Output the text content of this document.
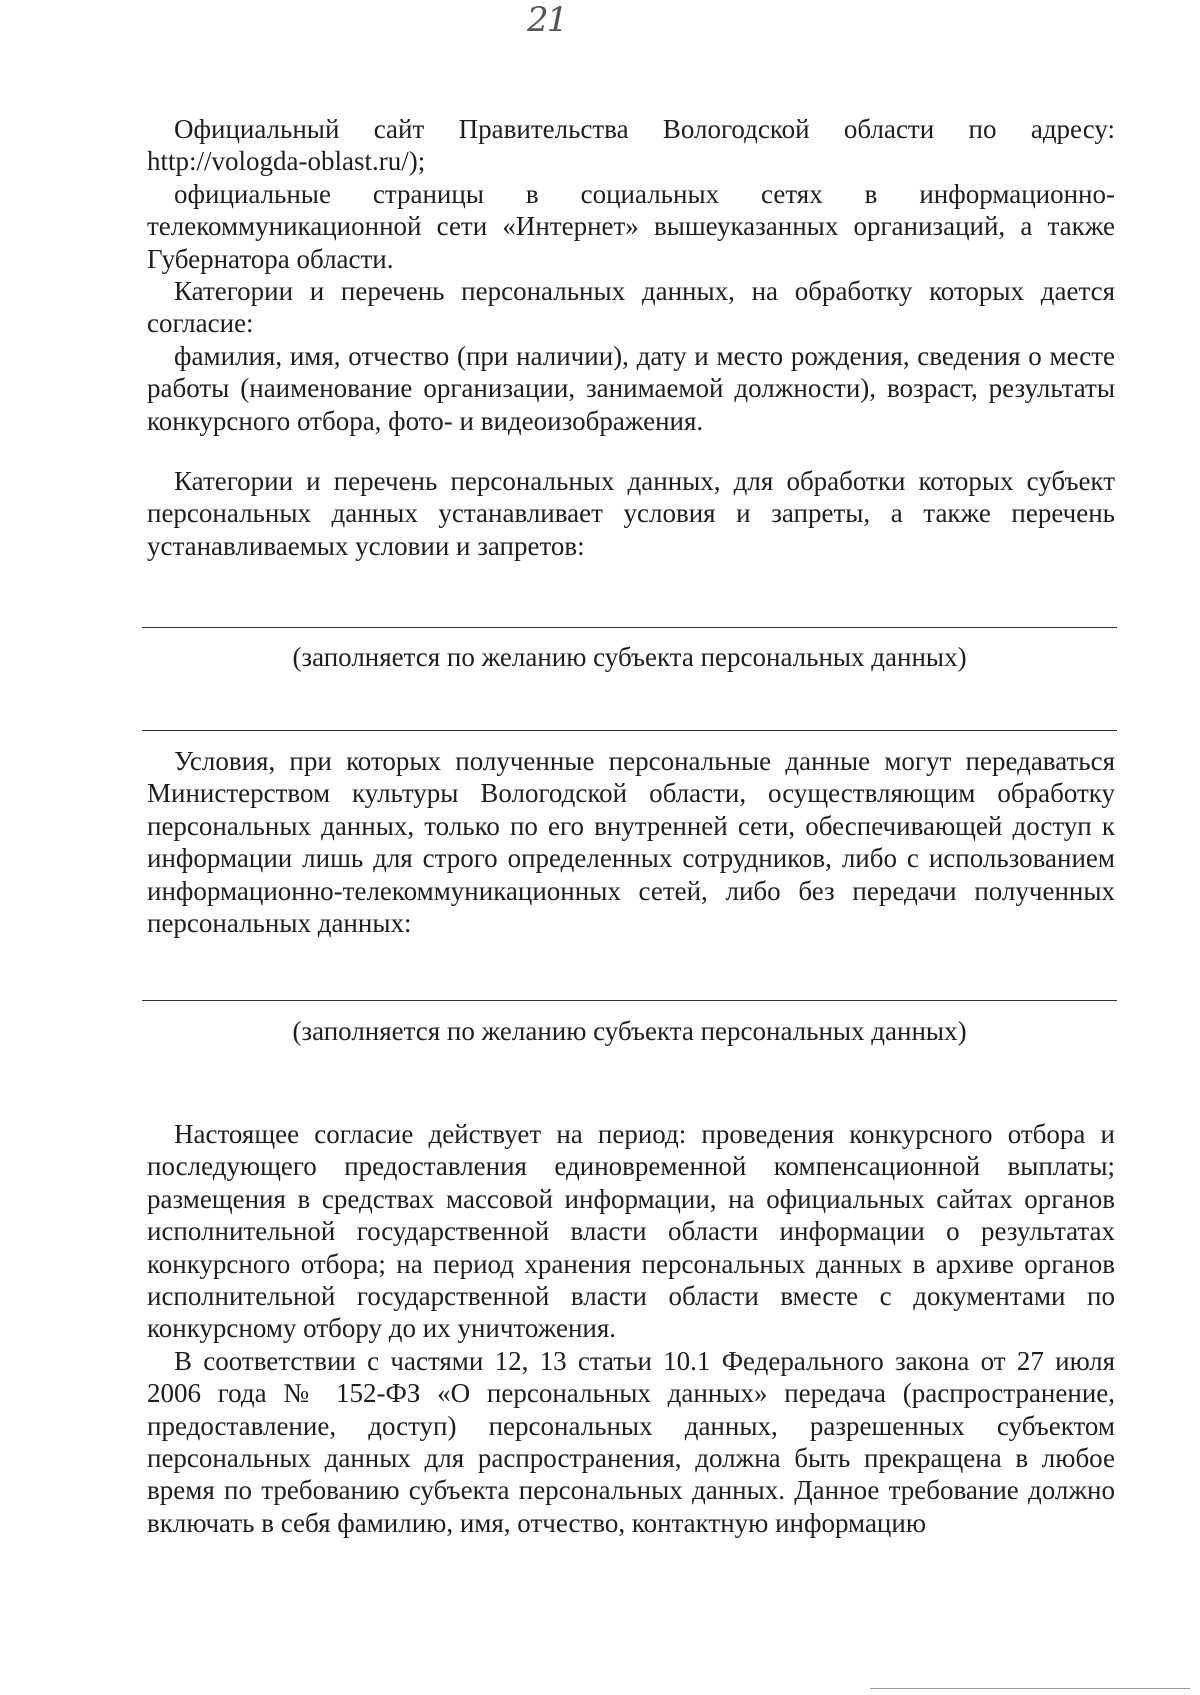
21

Официальный сайт Правительства Вологодской области по адресу: http://vologda-oblast.ru/);

официальные страницы в социальных сетях в информационно-телекоммуникационной сети «Интернет» вышеуказанных организаций, а также Губернатора области.

Категории и перечень персональных данных, на обработку которых дается согласие:

фамилия, имя, отчество (при наличии), дату и место рождения, сведения о месте работы (наименование организации, занимаемой должности), возраст, результаты конкурсного отбора, фото- и видеоизображения.

Категории и перечень персональных данных, для обработки которых субъект персональных данных устанавливает условия и запреты, а также перечень устанавливаемых условии и запретов:

(заполняется по желанию субъекта персональных данных)

Условия, при которых полученные персональные данные могут передаваться Министерством культуры Вологодской области, осуществляющим обработку персональных данных, только по его внутренней сети, обеспечивающей доступ к информации лишь для строго определенных сотрудников, либо с использованием информационно-телекоммуникационных сетей, либо без передачи полученных персональных данных:

(заполняется по желанию субъекта персональных данных)

Настоящее согласие действует на период: проведения конкурсного отбора и последующего предоставления единовременной компенсационной выплаты; размещения в средствах массовой информации, на официальных сайтах органов исполнительной государственной власти области информации о результатах конкурсного отбора; на период хранения персональных данных в архиве органов исполнительной государственной власти области вместе с документами по конкурсному отбору до их уничтожения.

В соответствии с частями 12, 13 статьи 10.1 Федерального закона от 27 июля 2006 года № 152-ФЗ «О персональных данных» передача (распространение, предоставление, доступ) персональных данных, разрешенных субъектом персональных данных для распространения, должна быть прекращена в любое время по требованию субъекта персональных данных. Данное требование должно включать в себя фамилию, имя, отчество, контактную информацию
